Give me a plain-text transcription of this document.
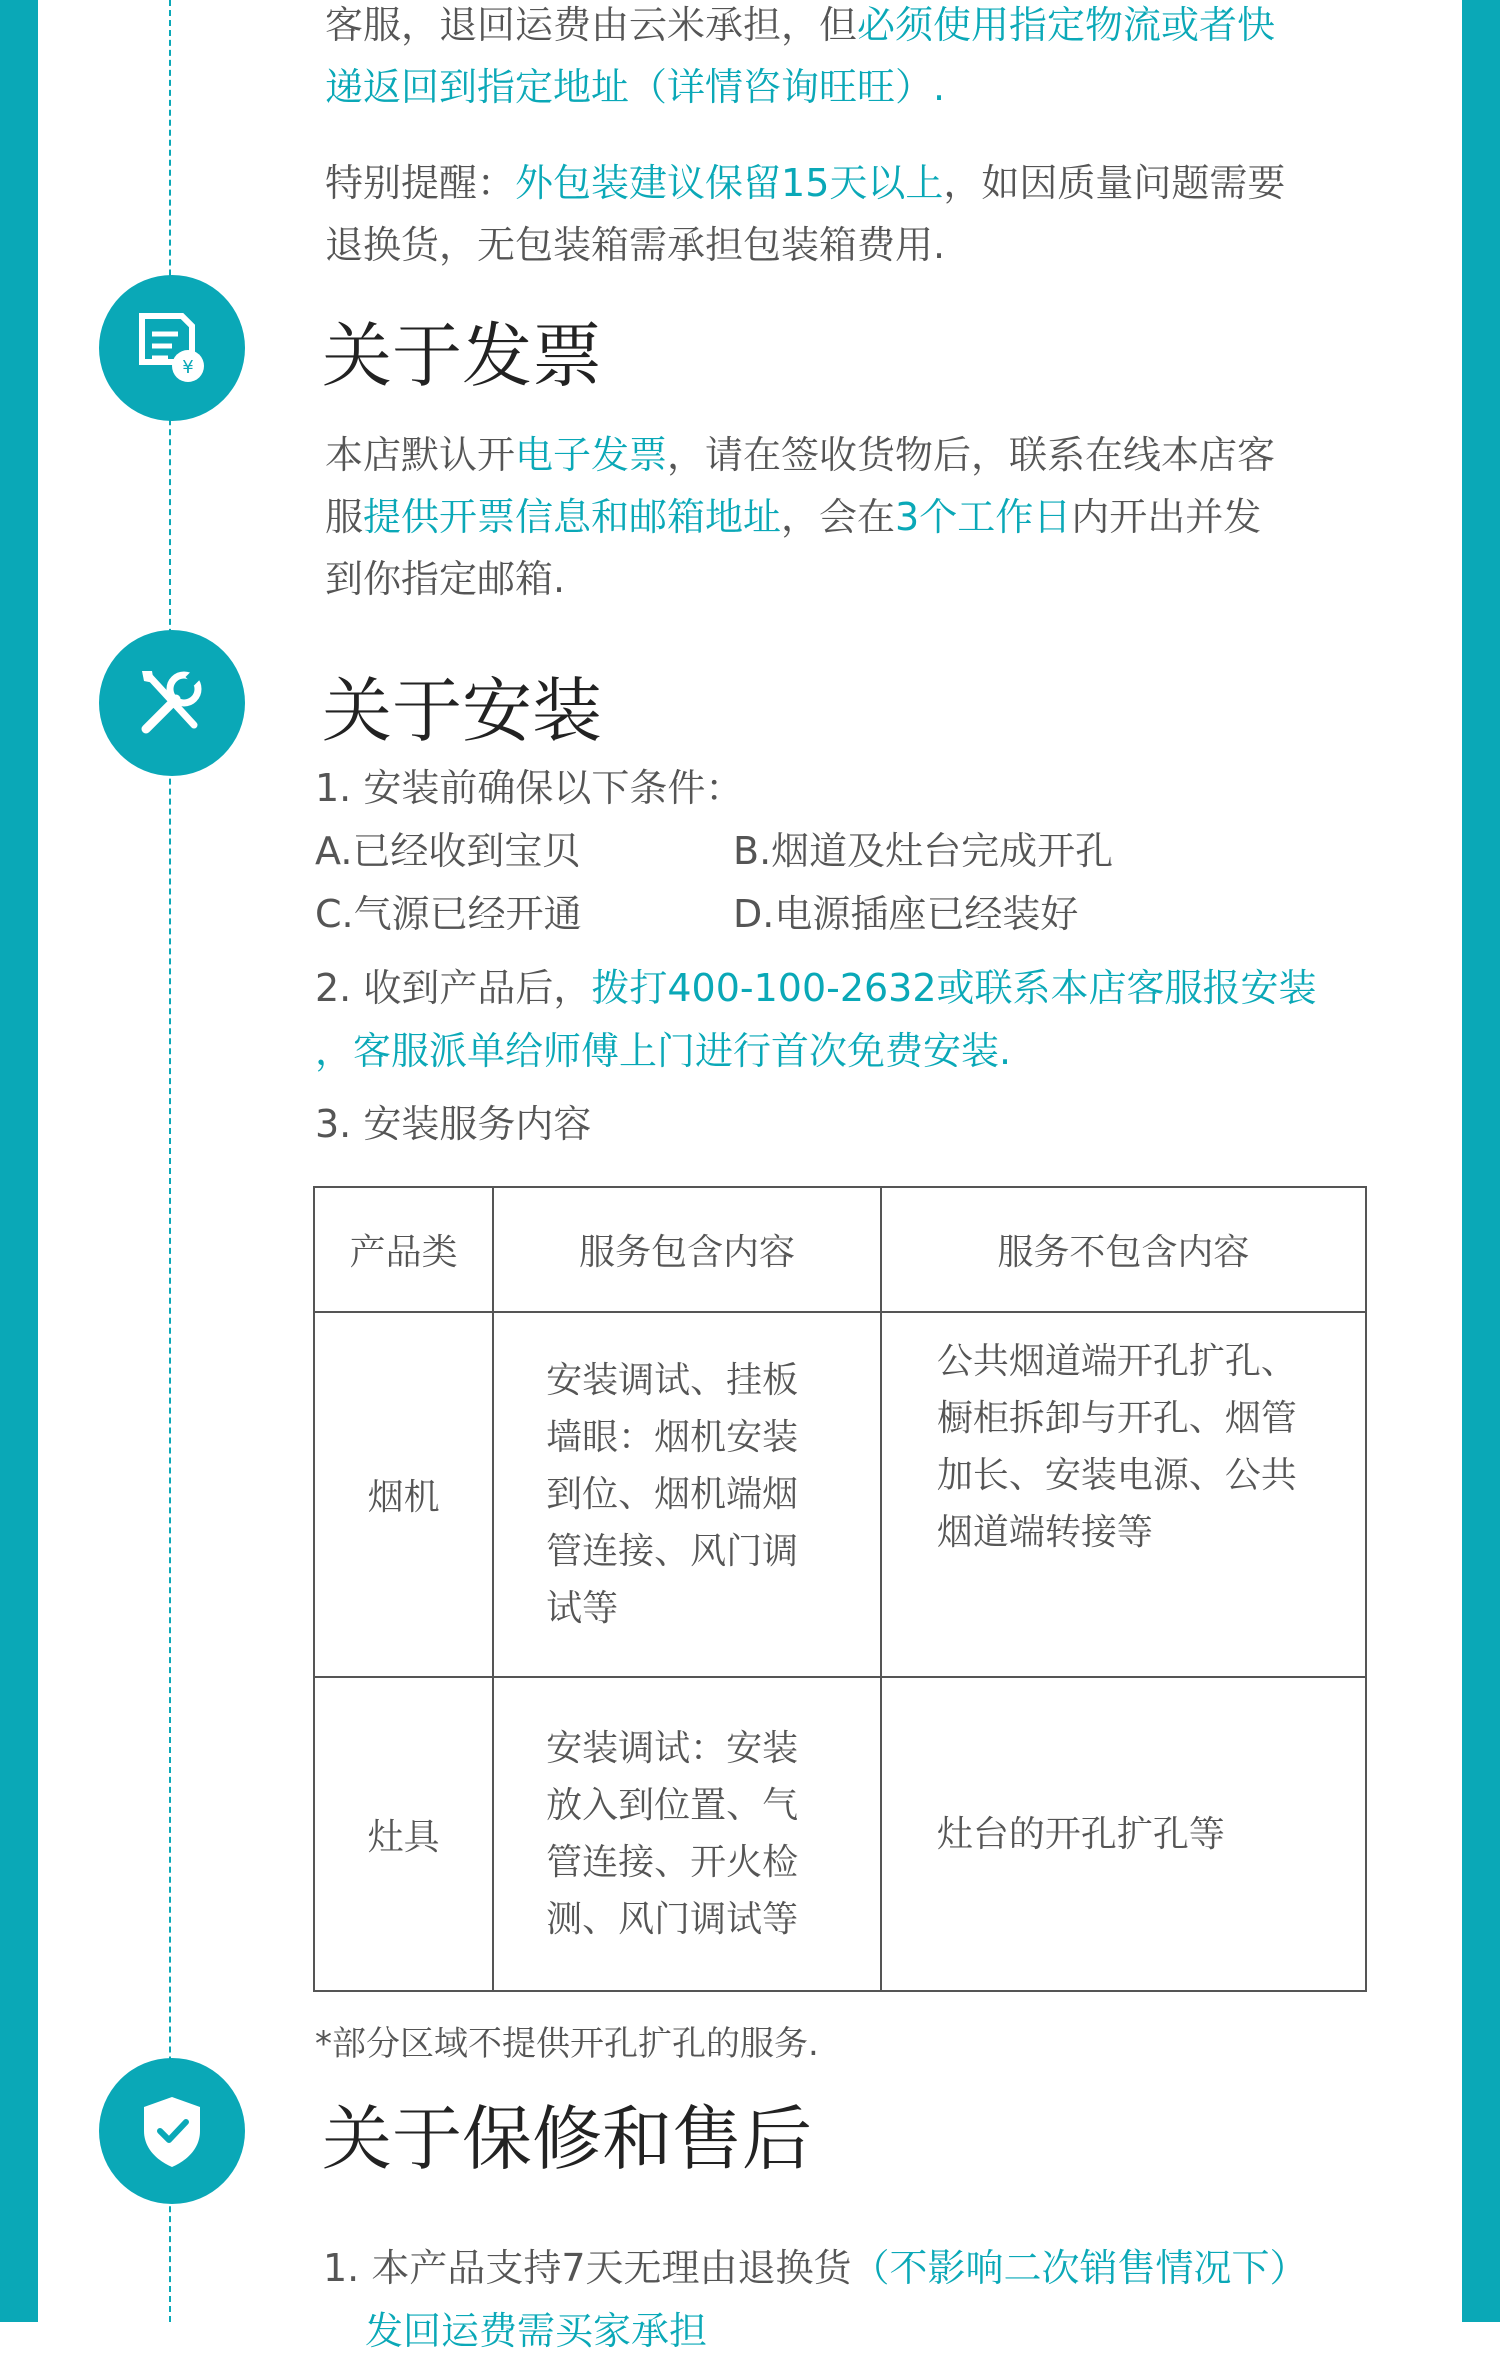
客服，退回运费由云米承担，但必须使用指定物流或者快
递返回到指定地址（详情咨询旺旺）.

特别提醒：外包装建议保留15天以上，如因质量问题需要
退换货，无包装箱需承担包装箱费用.

¥ 关于发票

本店默认开电子发票，请在签收货物后，联系在线本店客
服提供开票信息和邮箱地址，会在3个工作日内开出并发
到你指定邮箱.

关于安装
1. 安装前确保以下条件：
A.已经收到宝贝	B.烟道及灶台完成开孔
C.气源已经开通	D.电源插座已经装好
2. 收到产品后，拨打400-100-2632或联系本店客服报安装
，客服派单给师傅上门进行首次免费安装.
3. 安装服务内容
产品类	服务包含内容	服务不包含内容
烟机	安装调试、挂板
墙眼：烟机安装
到位、烟机端烟
管连接、风门调
试等	公共烟道端开孔扩孔、
橱柜拆卸与开孔、烟管
加长、安装电源、公共
烟道端转接等

灶具	安装调试：安装
放入到位置、气
管连接、开火检
测、风门调试等	灶台的开孔扩孔等
*部分区域不提供开孔扩孔的服务.
关于保修和售后
1. 本产品支持7天无理由退换货（不影响二次销售情况下）
发回运费需买家承担
